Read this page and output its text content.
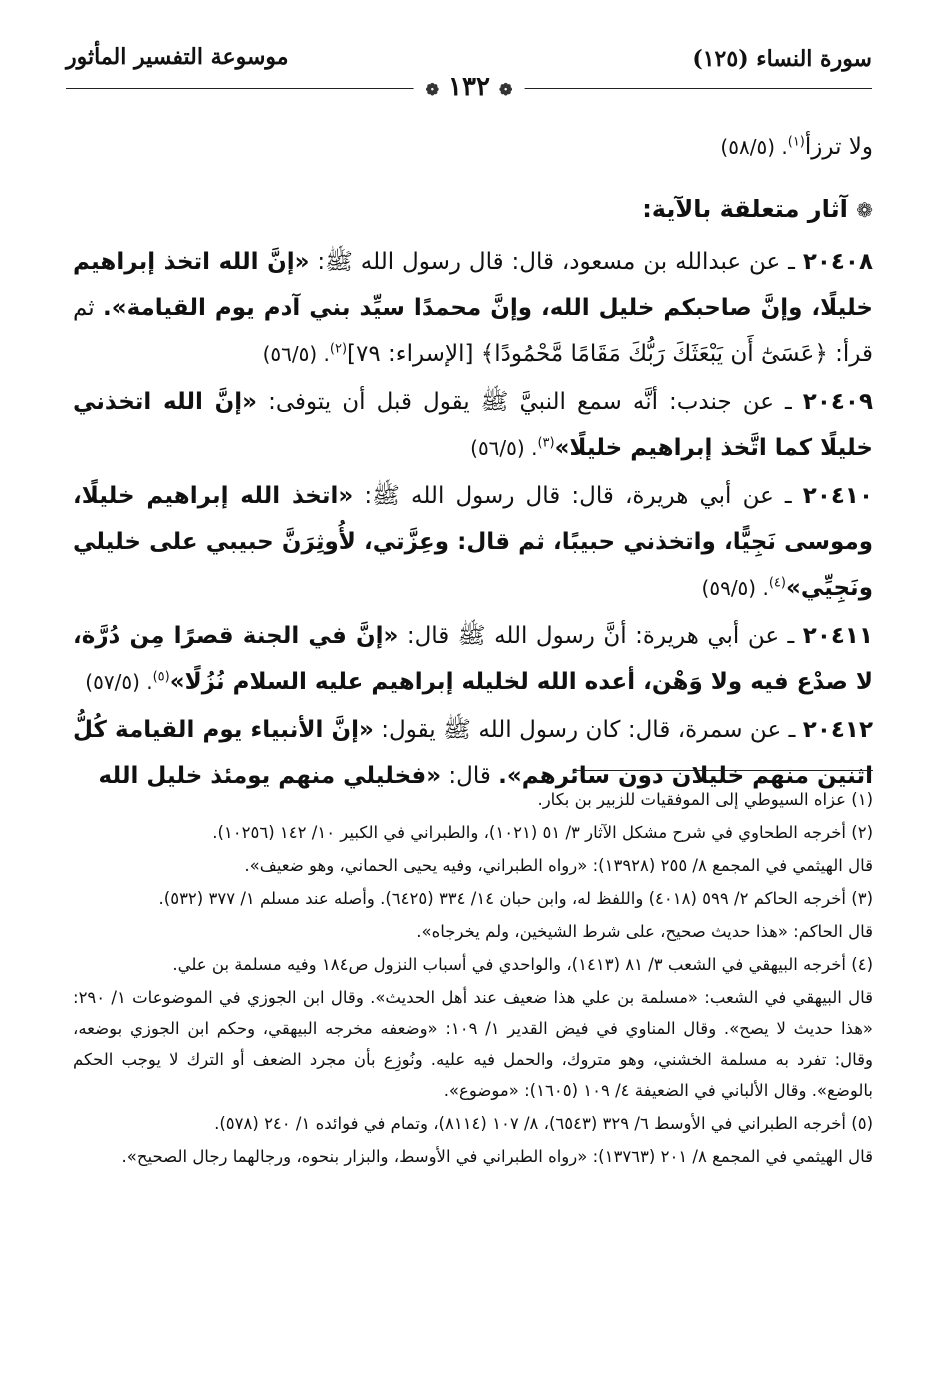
سورة النساء (١٢٥)
موسوعة التفسير المأثور
❁ ١٣٢ ❁

ولا ترزأ$^{(١)}$. (٥٨/٥)

❁ آثار متعلقة بالآية:

٢٠٤٠٨ ـ عن عبدالله بن مسعود، قال: قال رسول الله ﷺ: «إنَّ الله اتخذ إبراهيم خليلًا، وإنَّ صاحبكم خليل الله، وإنَّ محمدًا سيِّد بني آدم يوم القيامة». ثم قرأ: ﴿عَسَىٰٓ أَن يَبْعَثَكَ رَبُّكَ مَقَامًا مَّحْمُودًا﴾ [الإسراء: ٧٩]$^{(٢)}$. (٥٦/٥)

٢٠٤٠٩ ـ عن جندب: أنَّه سمع النبيَّ ﷺ يقول قبل أن يتوفى: «إنَّ الله اتخذني خليلًا كما اتَّخذ إبراهيم خليلًا»$^{(٣)}$. (٥٦/٥)

٢٠٤١٠ ـ عن أبي هريرة، قال: قال رسول الله ﷺ: «اتخذ الله إبراهيم خليلًا، وموسى نَجِيًّا، واتخذني حبيبًا، ثم قال: وعِزَّتي، لأُوثِرَنَّ حبيبي على خليلي ونَجِيِّي»$^{(٤)}$. (٥٩/٥)

٢٠٤١١ ـ عن أبي هريرة: أنَّ رسول الله ﷺ قال: «إنَّ في الجنة قصرًا مِن دُرَّة، لا صدْع فيه ولا وَهْن، أعده الله لخليله إبراهيم عليه السلام نُزُلًا»$^{(٥)}$. (٥٧/٥)

٢٠٤١٢ ـ عن سمرة، قال: كان رسول الله ﷺ يقول: «إنَّ الأنبياء يوم القيامة كُلُّ اثنين منهم خليلان دون سائرهم». قال: «فخليلي منهم يومئذ خليل الله

(١) عزاه السيوطي إلى الموفقيات للزبير بن بكار.

(٢) أخرجه الطحاوي في شرح مشكل الآثار ٣/ ٥١ (١٠٢١)، والطبراني في الكبير ١٠/ ١٤٢ (١٠٢٥٦).

قال الهيثمي في المجمع ٨/ ٢٥٥ (١٣٩٢٨): «رواه الطبراني، وفيه يحيى الحماني، وهو ضعيف».

(٣) أخرجه الحاكم ٢/ ٥٩٩ (٤٠١٨) واللفظ له، وابن حبان ١٤/ ٣٣٤ (٦٤٢٥). وأصله عند مسلم ١/ ٣٧٧ (٥٣٢).

قال الحاكم: «هذا حديث صحيح، على شرط الشيخين، ولم يخرجاه».

(٤) أخرجه البيهقي في الشعب ٣/ ٨١ (١٤١٣)، والواحدي في أسباب النزول ص١٨٤ وفيه مسلمة بن علي.

قال البيهقي في الشعب: «مسلمة بن علي هذا ضعيف عند أهل الحديث». وقال ابن الجوزي في الموضوعات ١/ ٢٩٠: «هذا حديث لا يصح». وقال المناوي في فيض القدير ١/ ١٠٩: «وضعفه مخرجه البيهقي، وحكم ابن الجوزي بوضعه، وقال: تفرد به مسلمة الخشني، وهو متروك، والحمل فيه عليه. ونُوزِع بأن مجرد الضعف أو الترك لا يوجب الحكم بالوضع». وقال الألباني في الضعيفة ٤/ ١٠٩ (١٦٠٥): «موضوع».

(٥) أخرجه الطبراني في الأوسط ٦/ ٣٢٩ (٦٥٤٣)، ٨/ ١٠٧ (٨١١٤)، وتمام في فوائده ١/ ٢٤٠ (٥٧٨).

قال الهيثمي في المجمع ٨/ ٢٠١ (١٣٧٦٣): «رواه الطبراني في الأوسط، والبزار بنحوه، ورجالهما رجال الصحيح».
